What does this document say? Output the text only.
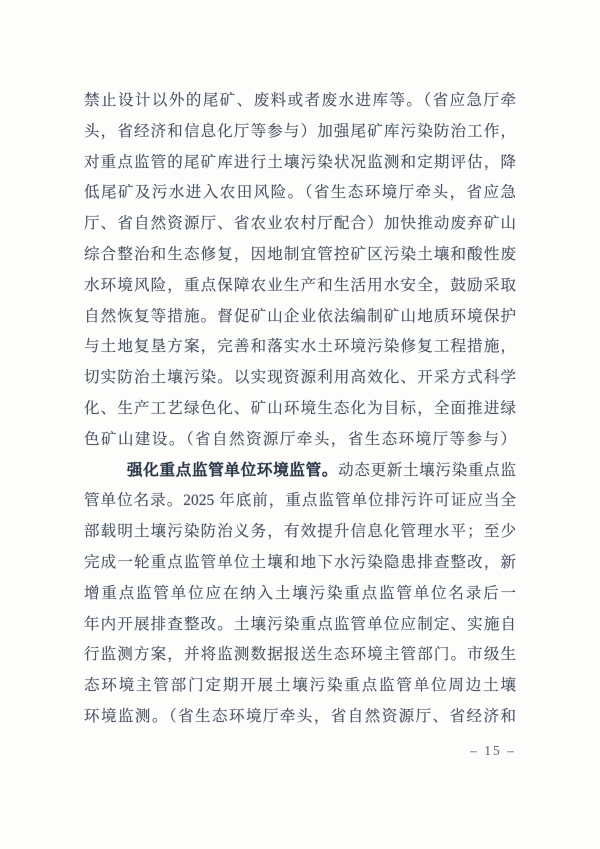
禁止设计以外的尾矿、废料或者废水进库等。（省应急厅牵
头，省经济和信息化厅等参与）加强尾矿库污染防治工作，
对重点监管的尾矿库进行土壤污染状况监测和定期评估，降
低尾矿及污水进入农田风险。（省生态环境厅牵头，省应急
厅、省自然资源厅、省农业农村厅配合）加快推动废弃矿山
综合整治和生态修复，因地制宜管控矿区污染土壤和酸性废
水环境风险，重点保障农业生产和生活用水安全，鼓励采取
自然恢复等措施。督促矿山企业依法编制矿山地质环境保护
与土地复垦方案，完善和落实水土环境污染修复工程措施，
切实防治土壤污染。以实现资源利用高效化、开采方式科学
化、生产工艺绿色化、矿山环境生态化为目标，全面推进绿
色矿山建设。（省自然资源厅牵头，省生态环境厅等参与）
强化重点监管单位环境监管。动态更新土壤污染重点监
管单位名录。2025 年底前，重点监管单位排污许可证应当全
部载明土壤污染防治义务，有效提升信息化管理水平；至少
完成一轮重点监管单位土壤和地下水污染隐患排查整改，新
增重点监管单位应在纳入土壤污染重点监管单位名录后一
年内开展排查整改。土壤污染重点监管单位应制定、实施自
行监测方案，并将监测数据报送生态环境主管部门。市级生
态环境主管部门定期开展土壤污染重点监管单位周边土壤
环境监测。（省生态环境厅牵头，省自然资源厅、省经济和
– 15 –
